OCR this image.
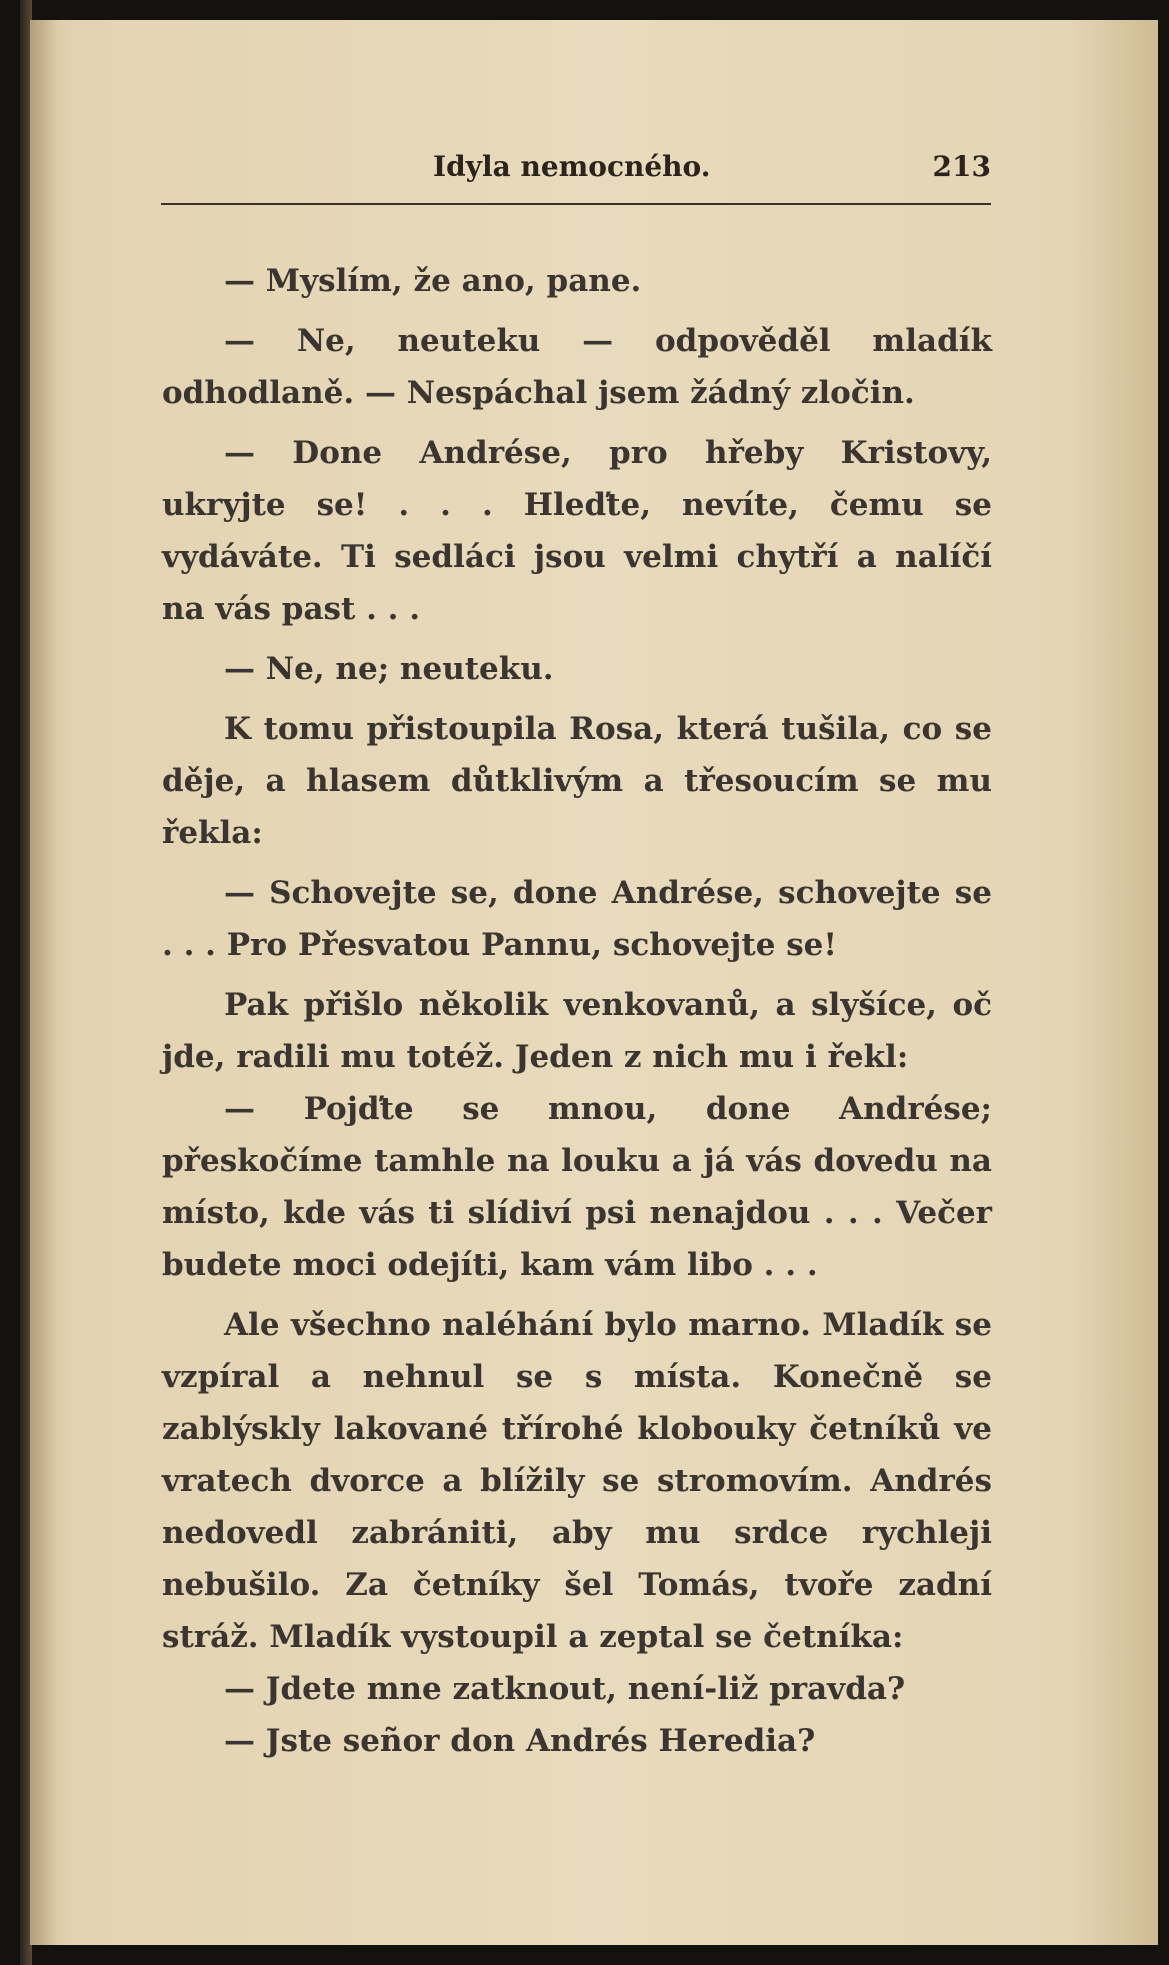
Idyla nemocného.	213

— Myslím, že ano, pane.

— Ne, neuteku — odpověděl mladík odhodlaně. — Nespáchal jsem žádný zločin.

— Done Andrése, pro hřeby Kristovy, ukryjte se! . . . Hleďte, nevíte, čemu se vydáváte. Ti sedláci jsou velmi chytří a nalíčí na vás past . . .

— Ne, ne; neuteku.

K tomu přistoupila Rosa, která tušila, co se děje, a hlasem důtklivým a třesoucím se mu řekla:

— Schovejte se, done Andrése, schovejte se . . . Pro Přesvatou Pannu, schovejte se!

Pak přišlo několik venkovanů, a slyšíce, oč jde, radili mu totéž. Jeden z nich mu i řekl:

— Pojďte se mnou, done Andrése; přeskočíme tamhle na louku a já vás dovedu na místo, kde vás ti slídiví psi nenajdou . . . Večer budete moci odejíti, kam vám libo . . .

Ale všechno naléhání bylo marno. Mladík se vzpíral a nehnul se s místa. Konečně se zablýskly lakované třírohé klobouky četníků ve vratech dvorce a blížily se stromovím. Andrés nedovedl zabrániti, aby mu srdce rychleji nebušilo. Za četníky šel Tomás, tvoře zadní stráž. Mladík vystoupil a zeptal se četníka:

— Jdete mne zatknout, není-liž pravda?

— Jste señor don Andrés Heredia?
